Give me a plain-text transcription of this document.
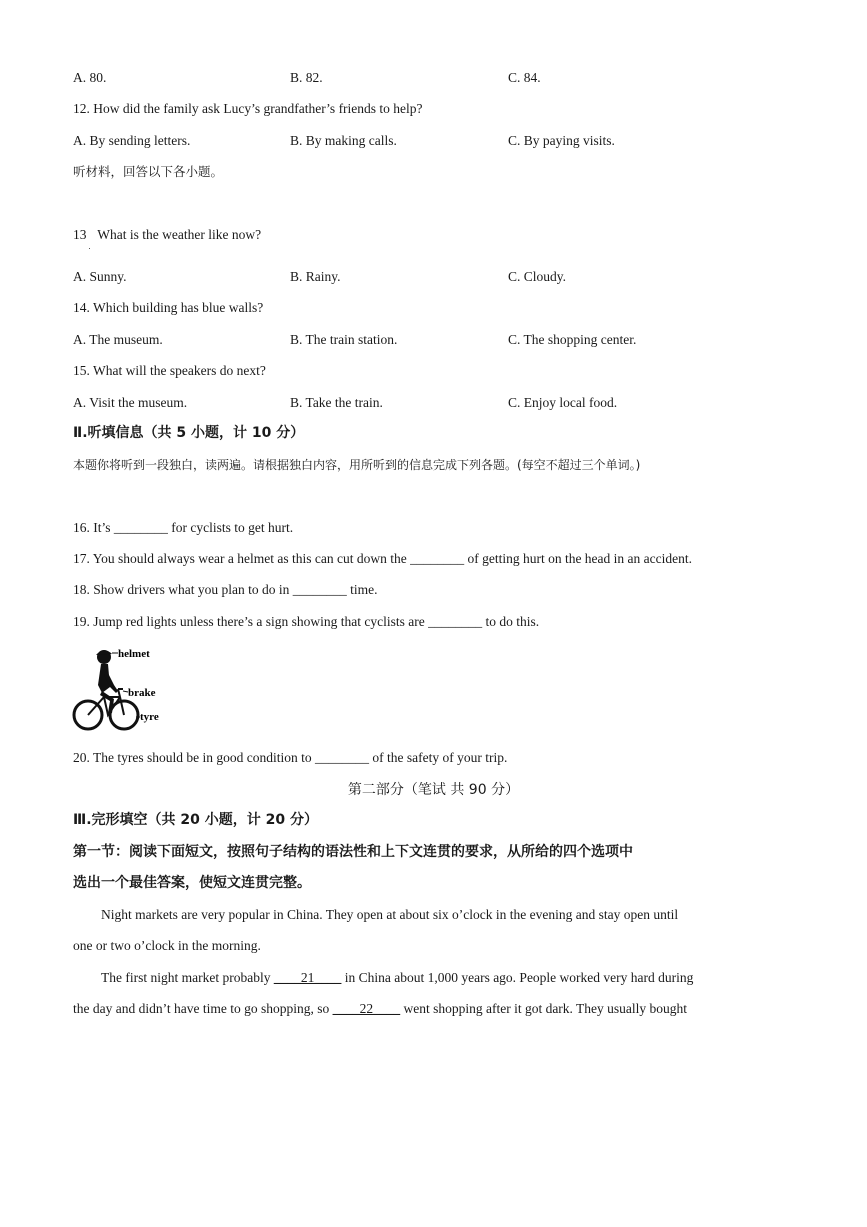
A. 80.	B. 82.	C. 84.
12. How did the family ask Lucy’s grandfather’s friends to help?
A. By sending letters.	B. By making calls.	C. By paying visits.
听材料，回答以下各小题。
$13_.$  What is the weather like now?
A. Sunny.	B. Rainy.	C. Cloudy.
14. Which building has blue walls?
A. The museum.	B. The train station.	C. The shopping center.
15. What will the speakers do next?
A. Visit the museum.	B. Take the train.	C. Enjoy local food.
Ⅱ.听填信息（共 5 小题，计 10 分）
本题你将听到一段独白，读两遍。请根据独白内容，用所听到的信息完成下列各题。(每空不超过三个单词。)
16. It’s ________ for cyclists to get hurt.
17. You should always wear a helmet as this can cut down the ________ of getting hurt on the head in an accident.
18. Show drivers what you plan to do in ________ time.
19. Jump red lights unless there’s a sign showing that cyclists are ________ to do this.
helmet
brake
tyre
20. The tyres should be in good condition to ________ of the safety of your trip.
第二部分（笔试 共 90 分）
Ⅲ.完形填空（共 20 小题，计 20 分）
第一节：阅读下面短文，按照句子结构的语法性和上下文连贯的要求，从所给的四个选项中
选出一个最佳答案，使短文连贯完整。
Night markets are very popular in China. They open at about six o’clock in the evening and stay open until
one or two o’clock in the morning.
The first night market probably ____21____ in China about 1,000 years ago. People worked very hard during
the day and didn’t have time to go shopping, so ____22____ went shopping after it got dark. They usually bought
